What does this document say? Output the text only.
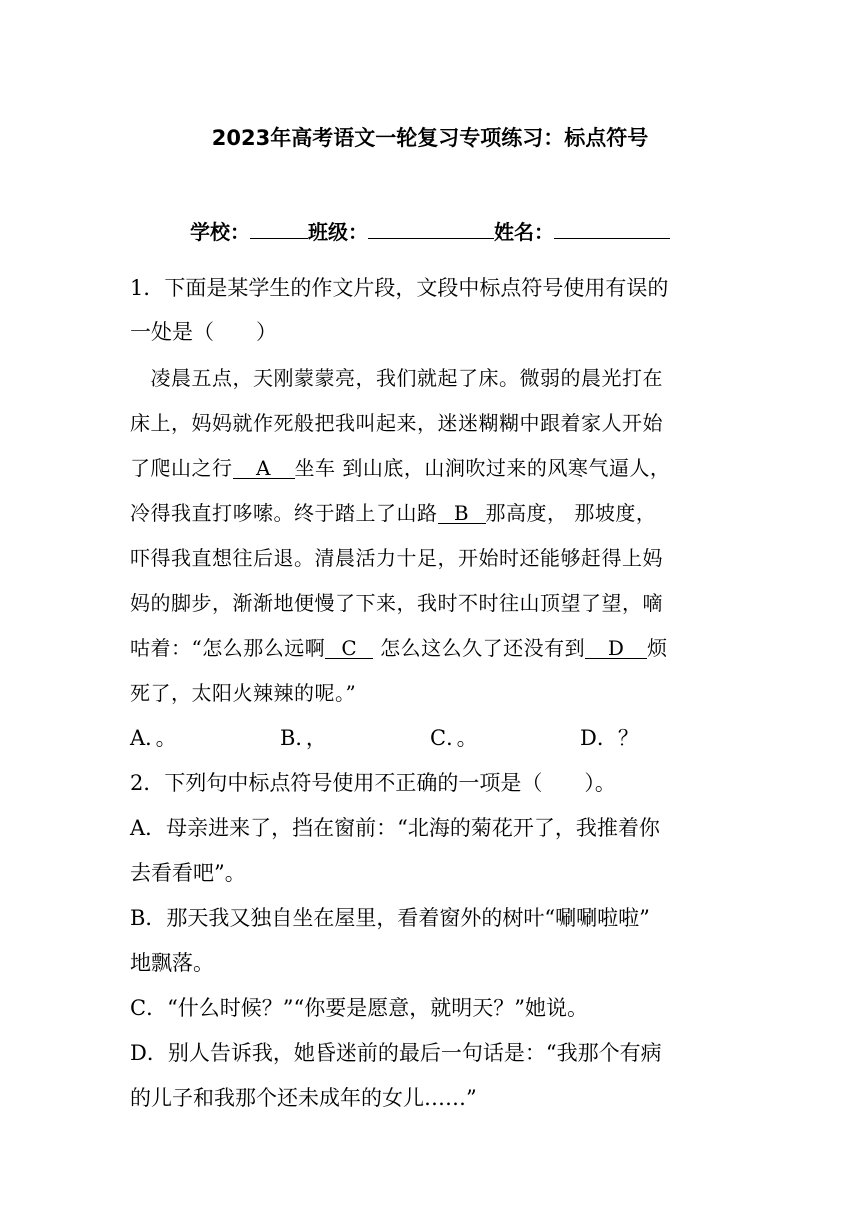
2023年高考语文一轮复习专项练习：标点符号
学校：	班级：	姓名：
1．下面是某学生的作文片段，文段中标点符号使用有误的
一处是（　　）
　凌晨五点，天刚蒙蒙亮，我们就起了床。微弱的晨光打在
床上，妈妈就作死般把我叫起来，迷迷糊糊中跟着家人开始
了爬山之行 A 坐车 到山底，山涧吹过来的风寒气逼人，
冷得我直打哆嗦。终于踏上了山路 B 那高度， 那坡度，
吓得我直想往后退。清晨活力十足，开始时还能够赶得上妈
妈的脚步，渐渐地便慢了下来，我时不时往山顶望了望，嘀
咕着：“怎么那么远啊 C 怎么这么久了还没有到 D 烦
死了，太阳火辣辣的呢。”
A．。	B．，	C．。	D．？
2．下列句中标点符号使用不正确的一项是（　　）。
A．母亲进来了，挡在窗前：“北海的菊花开了，我推着你
去看看吧”。
B．那天我又独自坐在屋里，看着窗外的树叶“唰唰啦啦”
地飘落。
C．“什么时候？”“你要是愿意，就明天？”她说。
D．别人告诉我，她昏迷前的最后一句话是：“我那个有病
的儿子和我那个还未成年的女儿……”
